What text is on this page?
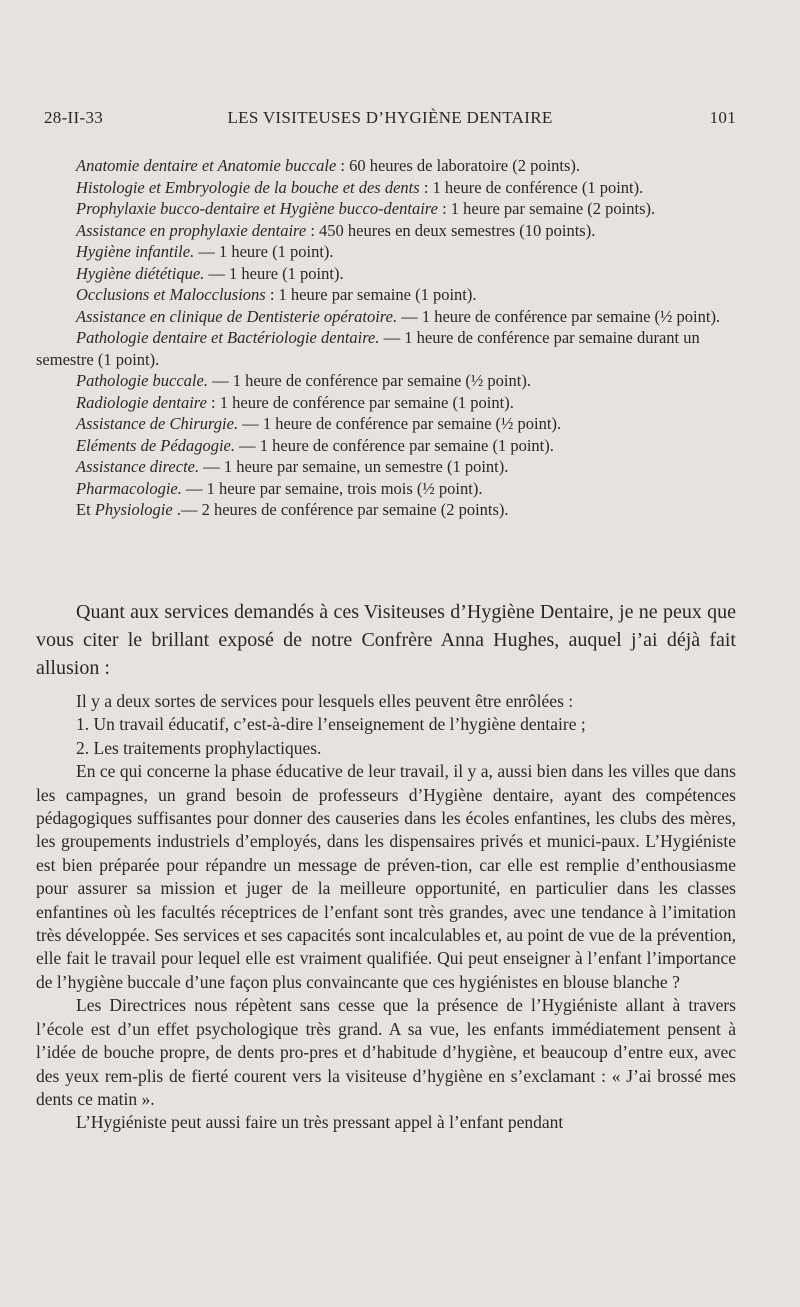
28-II-33	LES VISITEUSES D’HYGIÈNE DENTAIRE	101
Anatomie dentaire et Anatomie buccale : 60 heures de laboratoire (2 points).
Histologie et Embryologie de la bouche et des dents : 1 heure de conférence (1 point).
Prophylaxie bucco-dentaire et Hygiène bucco-dentaire : 1 heure par semaine (2 points).
Assistance en prophylaxie dentaire : 450 heures en deux semestres (10 points).
Hygiène infantile. — 1 heure (1 point).
Hygiène diététique. — 1 heure (1 point).
Occlusions et Malocclusions : 1 heure par semaine (1 point).
Assistance en clinique de Dentisterie opératoire. — 1 heure de conférence par semaine (½ point).
Pathologie dentaire et Bactériologie dentaire. — 1 heure de conférence par semaine durant un semestre (1 point).
Pathologie buccale. — 1 heure de conférence par semaine (½ point).
Radiologie dentaire : 1 heure de conférence par semaine (1 point).
Assistance de Chirurgie. — 1 heure de conférence par semaine (½ point).
Eléments de Pédagogie. — 1 heure de conférence par semaine (1 point).
Assistance directe. — 1 heure par semaine, un semestre (1 point).
Pharmacologie. — 1 heure par semaine, trois mois (½ point).
Et Physiologie .— 2 heures de conférence par semaine (2 points).

Quant aux services demandés à ces Visiteuses d’Hygiène Dentaire, je ne peux que vous citer le brillant exposé de notre Confrère Anna Hughes, auquel j’ai déjà fait allusion :

Il y a deux sortes de services pour lesquels elles peuvent être enrôlées :

1. Un travail éducatif, c’est-à-dire l’enseignement de l’hygiène dentaire ;

2. Les traitements prophylactiques.

En ce qui concerne la phase éducative de leur travail, il y a, aussi bien dans les villes que dans les campagnes, un grand besoin de professeurs d’Hygiène dentaire, ayant des compétences pédagogiques suffisantes pour donner des causeries dans les écoles enfantines, les clubs des mères, les groupements industriels d’employés, dans les dispensaires privés et munici-paux. L’Hygiéniste est bien préparée pour répandre un message de préven-tion, car elle est remplie d’enthousiasme pour assurer sa mission et juger de la meilleure opportunité, en particulier dans les classes enfantines où les facultés réceptrices de l’enfant sont très grandes, avec une tendance à l’imitation très développée. Ses services et ses capacités sont incalculables et, au point de vue de la prévention, elle fait le travail pour lequel elle est vraiment qualifiée. Qui peut enseigner à l’enfant l’importance de l’hygiène buccale d’une façon plus convaincante que ces hygiénistes en blouse blanche ?

Les Directrices nous répètent sans cesse que la présence de l’Hygiéniste allant à travers l’école est d’un effet psychologique très grand. A sa vue, les enfants immédiatement pensent à l’idée de bouche propre, de dents pro-pres et d’habitude d’hygiène, et beaucoup d’entre eux, avec des yeux rem-plis de fierté courent vers la visiteuse d’hygiène en s’exclamant : « J’ai brossé mes dents ce matin ».

L’Hygiéniste peut aussi faire un très pressant appel à l’enfant pendant
